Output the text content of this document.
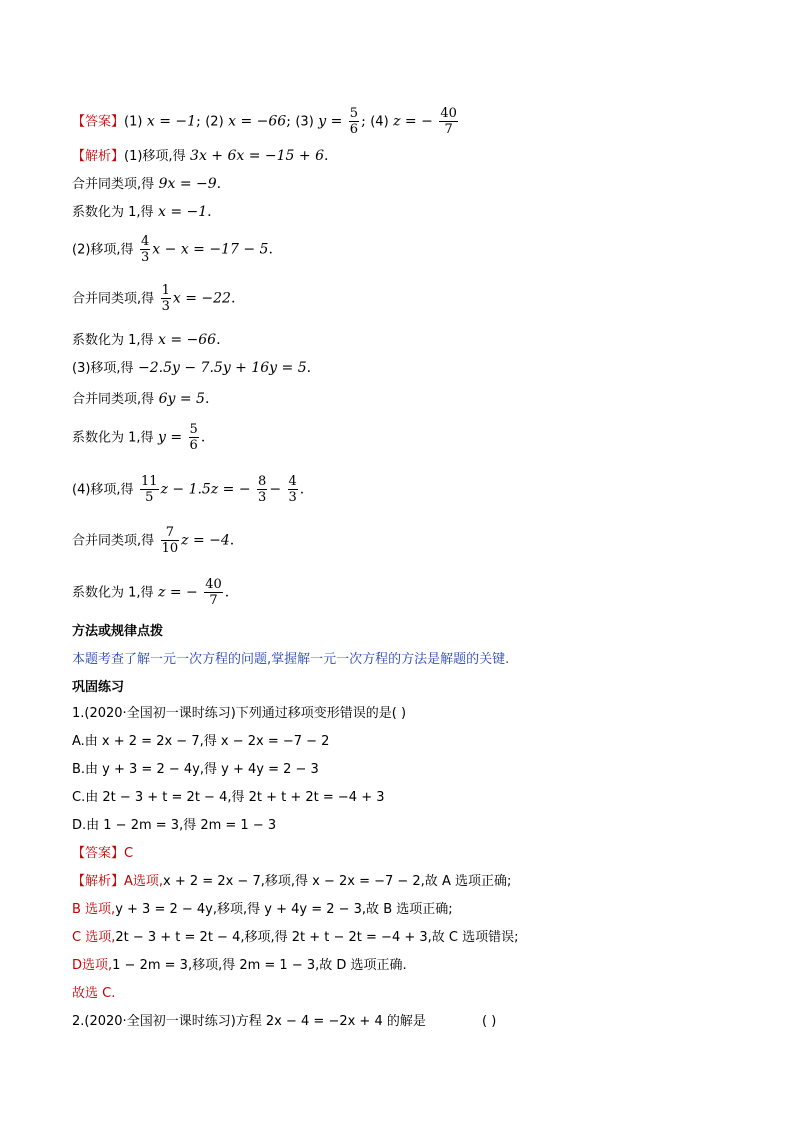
【答案】(1) x = −1; (2) x = −66; (3) $y = \frac{5}{6}$ ; (4) z = − $\frac{40}{7}$
【解析】(1)移项,得 3x + 6x = −15 + 6.
合并同类项,得 9x = −9.
系数化为 1,得 x = −1.
(2)移项,得 $\frac{4}{3}$ x − x = −17 − 5.
合并同类项,得 $\frac{1}{3}$ x = −22.
系数化为 1,得 x = −66.
(3)移项,得 −2.5y − 7.5y + 16y = 5.
合并同类项,得 6y = 5.
系数化为 1,得 $y = \frac{5}{6}$ .
(4)移项,得 $\frac{11}{5}$ z − 1.5z = − $\frac{8}{3} - \frac{4}{3}$ .
合并同类项,得 $\frac{7}{10}$ z = −4.
系数化为 1,得 z = − $\frac{40}{7}$ .
方法或规律点拨
本题考查了解一元一次方程的问题,掌握解一元一次方程的方法是解题的关键.
巩固练习
1.(2020·全国初一课时练习)下列通过移项变形错误的是( )
A.由 x + 2 = 2x − 7,得 x − 2x = −7 − 2
B.由 y + 3 = 2 − 4y,得 y + 4y = 2 − 3
C.由 2t − 3 + t = 2t − 4,得 2t + t + 2t = −4 + 3
D.由 1 − 2m = 3,得 2m = 1 − 3
【答案】C
【解析】A选项,x + 2 = 2x − 7,移项,得 x − 2x = −7 − 2,故 A 选项正确;
B 选项,y + 3 = 2 − 4y,移项,得 y + 4y = 2 − 3,故 B 选项正确;
C 选项,2t − 3 + t = 2t − 4,移项,得 2t + t − 2t = −4 + 3,故 C 选项错误;
D选项,1 − 2m = 3,移项,得 2m = 1 − 3,故 D 选项正确.
故选 C.
2.(2020·全国初一课时练习)方程 2x − 4 = −2x + 4 的解是	( )
